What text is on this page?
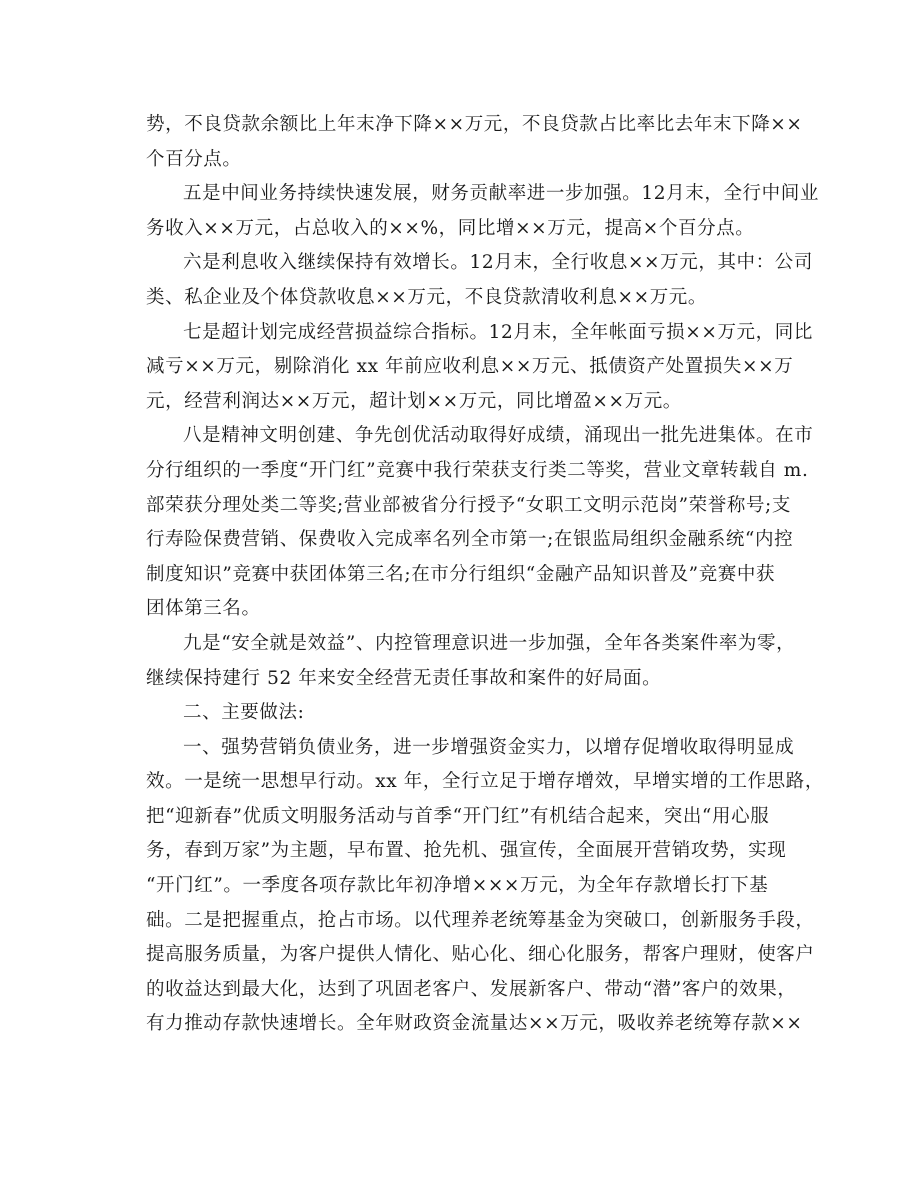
势，不良贷款余额比上年末净下降××万元，不良贷款占比率比去年末下降××
个百分点。
五是中间业务持续快速发展，财务贡献率进一步加强。12月末，全行中间业
务收入××万元，占总收入的××%，同比增××万元，提高×个百分点。
六是利息收入继续保持有效增长。12月末，全行收息××万元，其中：公司
类、私企业及个体贷款收息××万元，不良贷款清收利息××万元。
七是超计划完成经营损益综合指标。12月末，全年帐面亏损××万元，同比
减亏××万元，剔除消化 xx 年前应收利息××万元、抵债资产处置损失××万
元，经营利润达××万元，超计划××万元，同比增盈××万元。
八是精神文明创建、争先创优活动取得好成绩，涌现出一批先进集体。在市
分行组织的一季度“开门红”竞赛中我行荣获支行类二等奖，营业文章转载自 m.
部荣获分理处类二等奖;营业部被省分行授予“女职工文明示范岗”荣誉称号;支
行寿险保费营销、保费收入完成率名列全市第一;在银监局组织金融系统“内控
制度知识”竞赛中获团体第三名;在市分行组织“金融产品知识普及”竞赛中获
团体第三名。
九是“安全就是效益”、内控管理意识进一步加强，全年各类案件率为零，
继续保持建行 52 年来安全经营无责任事故和案件的好局面。
二、主要做法:
一、强势营销负债业务，进一步增强资金实力，以增存促增收取得明显成
效。一是统一思想早行动。xx 年，全行立足于增存增效，早增实增的工作思路，
把“迎新春”优质文明服务活动与首季“开门红”有机结合起来，突出“用心服
务，春到万家”为主题，早布置、抢先机、强宣传，全面展开营销攻势，实现
“开门红”。一季度各项存款比年初净增×××万元，为全年存款增长打下基
础。二是把握重点，抢占市场。以代理养老统筹基金为突破口，创新服务手段，
提高服务质量，为客户提供人情化、贴心化、细心化服务，帮客户理财，使客户
的收益达到最大化，达到了巩固老客户、发展新客户、带动“潜”客户的效果，
有力推动存款快速增长。全年财政资金流量达××万元，吸收养老统筹存款××
